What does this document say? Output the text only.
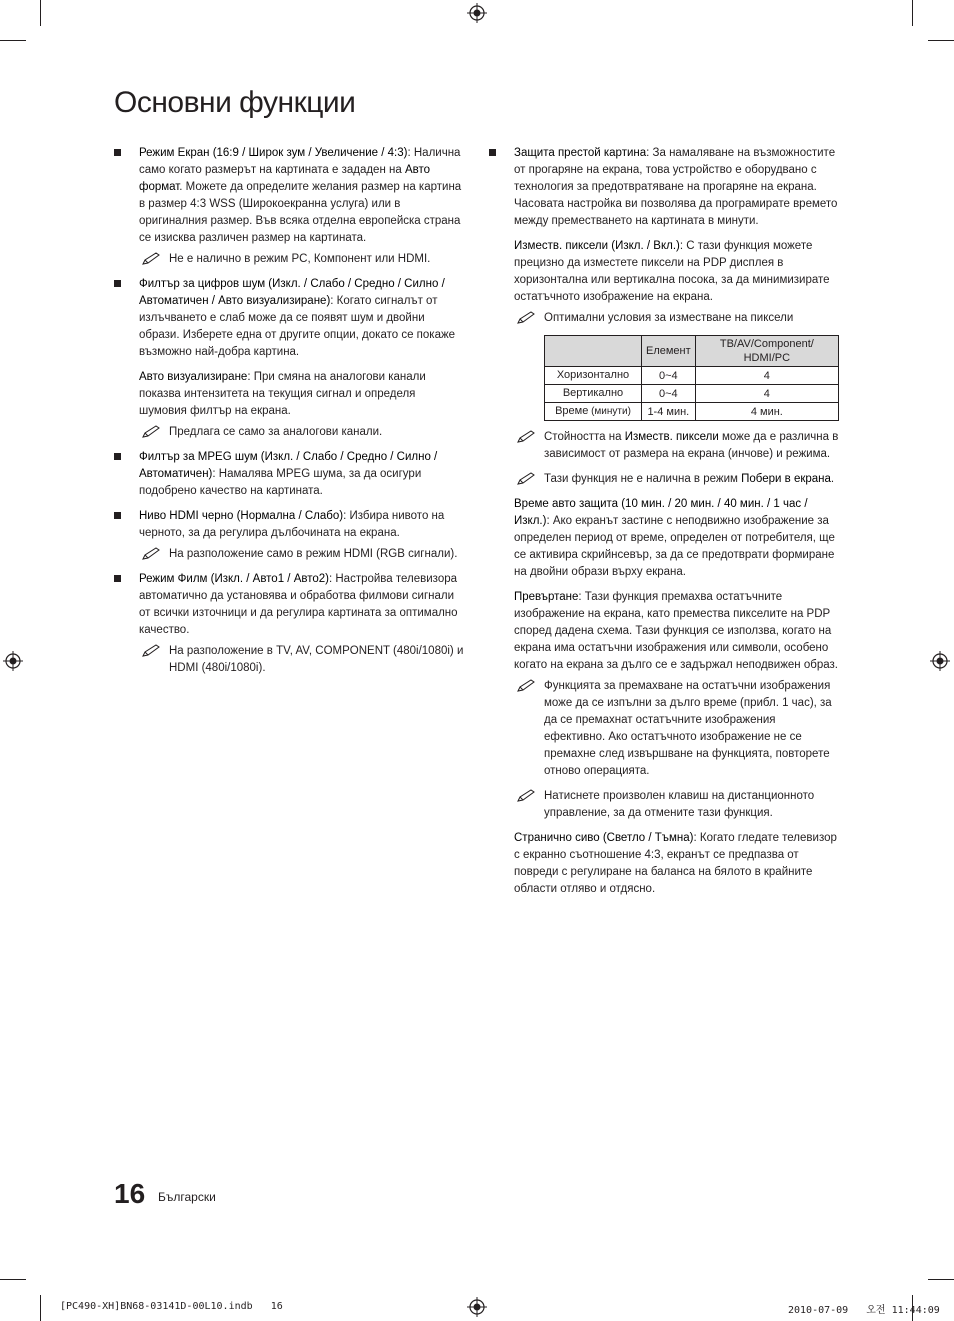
Основни функции
Режим Екран (16:9 / Широк зум / Увеличение / 4:3): Налична само когато размерът на картината е зададен на Авто формат. Можете да определите желания размер на картина в размер 4:3 WSS (Широкоекранна услуга) или в оригиналния размер. Във всяка отделна европейска страна се изисква различен размер на картината.
Не е налично в режим PC, Компонент или HDMI.
Филтър за цифров шум (Изкл. / Слабо / Средно / Силно / Автоматичен / Авто визуализиране): Когато сигналът от излъчването е слаб може да се появят шум и двойни образи. Изберете една от другите опции, докато се покаже възможно най-добра картина.
Авто визуализиране: При смяна на аналогови канали показва интензитета на текущия сигнал и определя шумовия филтър на екрана.
Предлага се само за аналогови канали.
Филтър за MPEG шум (Изкл. / Слабо / Средно / Силно / Автоматичен): Намалява MPEG шума, за да осигури подобрено качество на картината.
Ниво HDMI черно (Нормална / Слабо): Избира нивото на черното, за да регулира дълбочината на екрана.
На разположение само в режим HDMI (RGB сигнали).
Режим Филм (Изкл. / Авто1 / Авто2): Настройва телевизора автоматично да установява и обработва филмови сигнали от всички източници и да регулира картината за оптимално качество.
На разположение в TV, AV, COMPONENT (480i/1080i) и HDMI (480i/1080i).
Защита престой картина: За намаляване на възможностите от прогаряне на екрана, това устройство е оборудвано с технология за предотвратяване на прогаряне на екрана. Часовата настройка ви позволява да програмирате времето между преместването на картината в минути.
Изместв. пиксели (Изкл. / Вкл.): С тази функция можете прецизно да изместете пиксели на PDP дисплея в хоризонтална или вертикална посока, за да минимизирате остатъчното изображение на екрана.
Оптимални условия за изместване на пиксели
	Елемент	TB/AV/Component/ HDMI/PC
Хоризонтално	0~4	4
Вертикално	0~4	4
Време (минути)	1-4 мин.	4 мин.
Стойността на Изместв. пиксели може да е различна в зависимост от размера на екрана (инчове) и режима.
Тази функция не е налична в режим Побери в екрана.
Време авто защита (10 мин. / 20 мин. / 40 мин. / 1 час / Изкл.): Ако екранът застине с неподвижно изображение за определен период от време, определен от потребителя, ще се активира скрийнсевър, за да се предотврати формиране на двойни образи върху екрана.
Превъртане: Тази функция премахва остатъчните изображение на екрана, като премества пикселите на PDP според дадена схема. Тази функция се използва, когато на екрана има остатъчни изображения или символи, особено когато на екрана за дълго се е задържал неподвижен образ.
Функцията за премахване на остатъчни изображения може да се изпълни за дълго време (прибл. 1 час), за да се премахнат остатъчните изображения ефективно. Ако остатъчното изображение не се премахне след извършване на функцията, повторете отново операцията.
Натиснете произволен клавиш на дистанционното управление, за да отмените тази функция.
Странично сиво (Светло / Тъмна): Когато гледате телевизор с екранно съотношение 4:3, екранът се предпазва от повреди с регулиране на баланса на бялото в крайните области отляво и отдясно.
16 Български
[PC490-XH]BN68-03141D-00L10.indb   16	2010-07-09   오전 11:44:09
